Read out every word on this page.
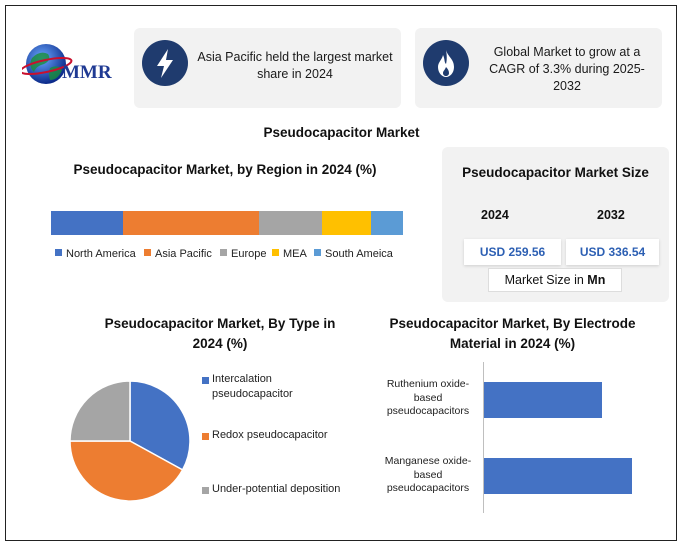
MMR
Asia Pacific held the largest market share in 2024
Global Market to grow at a CAGR of 3.3% during 2025-2032
Pseudocapacitor Market
Pseudocapacitor Market, by Region in 2024 (%)
North America	Asia Pacific	Europe	MEA	South Ameica
Pseudocapacitor Market Size
2024	2032
USD 259.56	USD 336.54
Market Size in Mn
Pseudocapacitor Market, By Type in 2024 (%)
Intercalation pseudocapacitor
Redox pseudocapacitor
Under-potential deposition
Pseudocapacitor Market, By Electrode Material in 2024 (%)
Ruthenium oxide-based pseudocapacitors
Manganese oxide-based pseudocapacitors
